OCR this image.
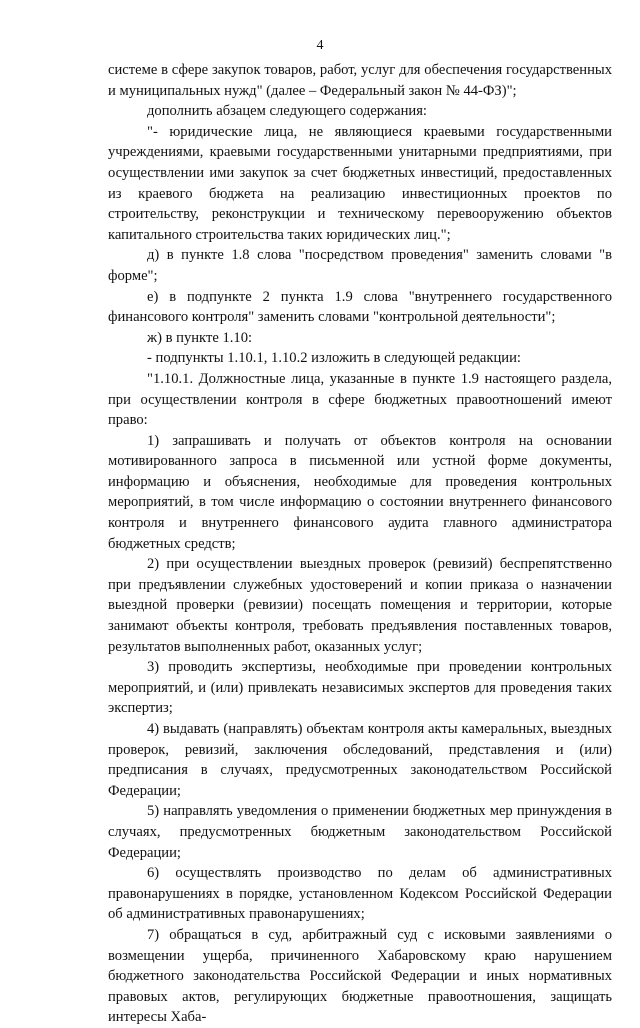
4

системе в сфере закупок товаров, работ, услуг для обеспечения государственных и муниципальных нужд" (далее – Федеральный закон № 44-ФЗ)";

дополнить абзацем следующего содержания:

"- юридические лица, не являющиеся краевыми государственными учреждениями, краевыми государственными унитарными предприятиями, при осуществлении ими закупок за счет бюджетных инвестиций, предоставленных из краевого бюджета на реализацию инвестиционных проектов по строительству, реконструкции и техническому перевооружению объектов капитального строительства таких юридических лиц.";

д) в пункте 1.8 слова "посредством проведения" заменить словами "в форме";

е) в подпункте 2 пункта 1.9 слова "внутреннего государственного финансового контроля" заменить словами "контрольной деятельности";

ж) в пункте 1.10:

- подпункты 1.10.1, 1.10.2 изложить в следующей редакции:

"1.10.1. Должностные лица, указанные в пункте 1.9 настоящего раздела, при осуществлении контроля в сфере бюджетных правоотношений имеют право:

1) запрашивать и получать от объектов контроля на основании мотивированного запроса в письменной или устной форме документы, информацию и объяснения, необходимые для проведения контрольных мероприятий, в том числе информацию о состоянии внутреннего финансового контроля и внутреннего финансового аудита главного администратора бюджетных средств;

2) при осуществлении выездных проверок (ревизий) беспрепятственно при предъявлении служебных удостоверений и копии приказа о назначении выездной проверки (ревизии) посещать помещения и территории, которые занимают объекты контроля, требовать предъявления поставленных товаров, результатов выполненных работ, оказанных услуг;

3) проводить экспертизы, необходимые при проведении контрольных мероприятий, и (или) привлекать независимых экспертов для проведения таких экспертиз;

4) выдавать (направлять) объектам контроля акты камеральных, выездных проверок, ревизий, заключения обследований, представления и (или) предписания в случаях, предусмотренных законодательством Российской Федерации;

5) направлять уведомления о применении бюджетных мер принуждения в случаях, предусмотренных бюджетным законодательством Российской Федерации;

6) осуществлять производство по делам об административных правонарушениях в порядке, установленном Кодексом Российской Федерации об административных правонарушениях;

7) обращаться в суд, арбитражный суд с исковыми заявлениями о возмещении ущерба, причиненного Хабаровскому краю нарушением бюджетного законодательства Российской Федерации и иных нормативных правовых актов, регулирующих бюджетные правоотношения, защищать интересы Хаба-
